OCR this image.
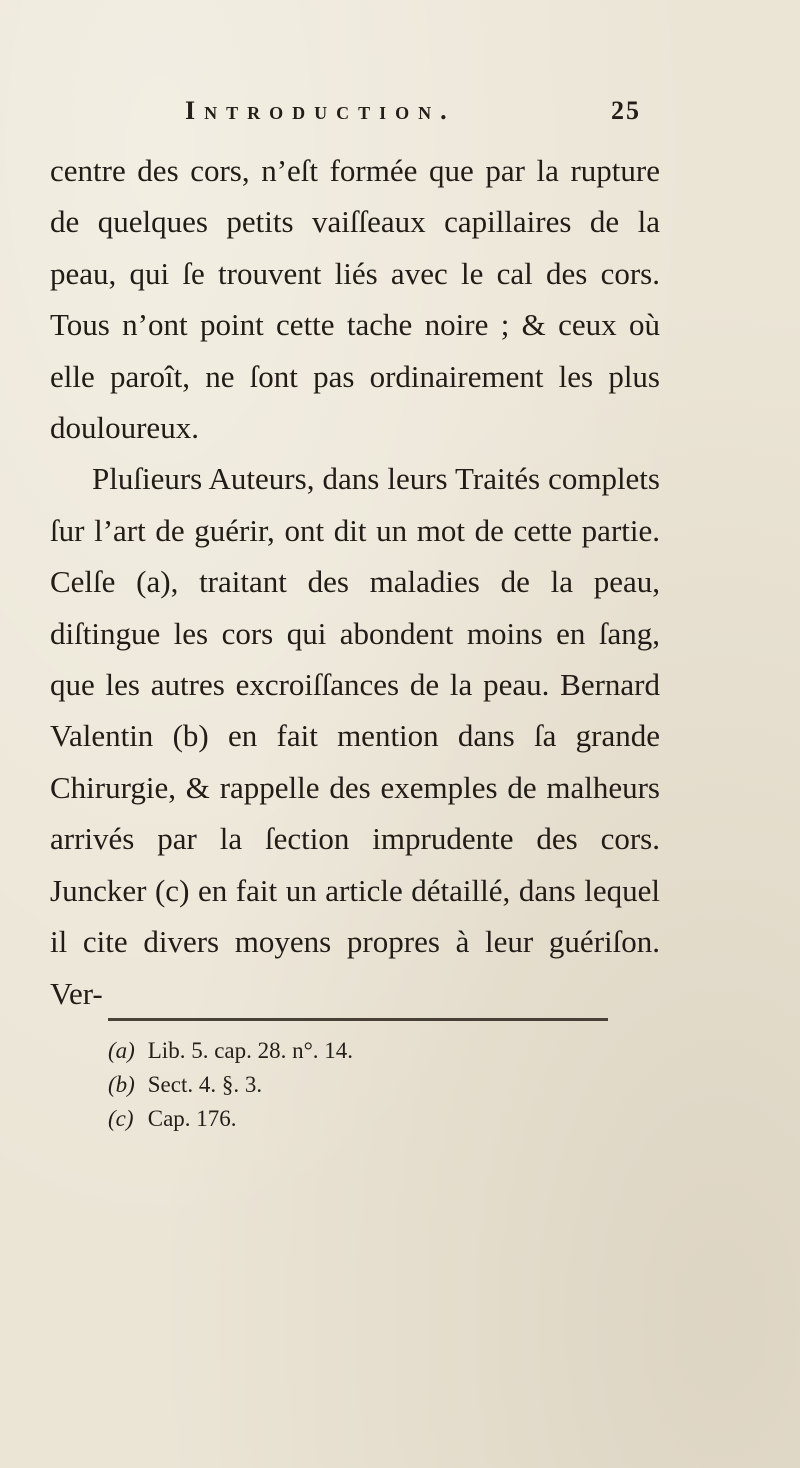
Introduction.	25

centre des cors, n’eſt formée que par la rupture de quelques petits vaiſſeaux capillaires de la peau, qui ſe trouvent liés avec le cal des cors. Tous n’ont point cette tache noire ; & ceux où elle paroît, ne ſont pas ordinairement les plus douloureux.

Pluſieurs Auteurs, dans leurs Traités complets ſur l’art de guérir, ont dit un mot de cette partie. Celſe (a), traitant des maladies de la peau, diſtingue les cors qui abondent moins en ſang, que les autres excroiſſances de la peau. Bernard Valentin (b) en fait mention dans ſa grande Chirurgie, & rappelle des exemples de malheurs arrivés par la ſection imprudente des cors. Juncker (c) en fait un article détaillé, dans lequel il cite divers moyens propres à leur guériſon. Ver-

(a) Lib. 5. cap. 28. n°. 14.
(b) Sect. 4. §. 3.
(c) Cap. 176.
